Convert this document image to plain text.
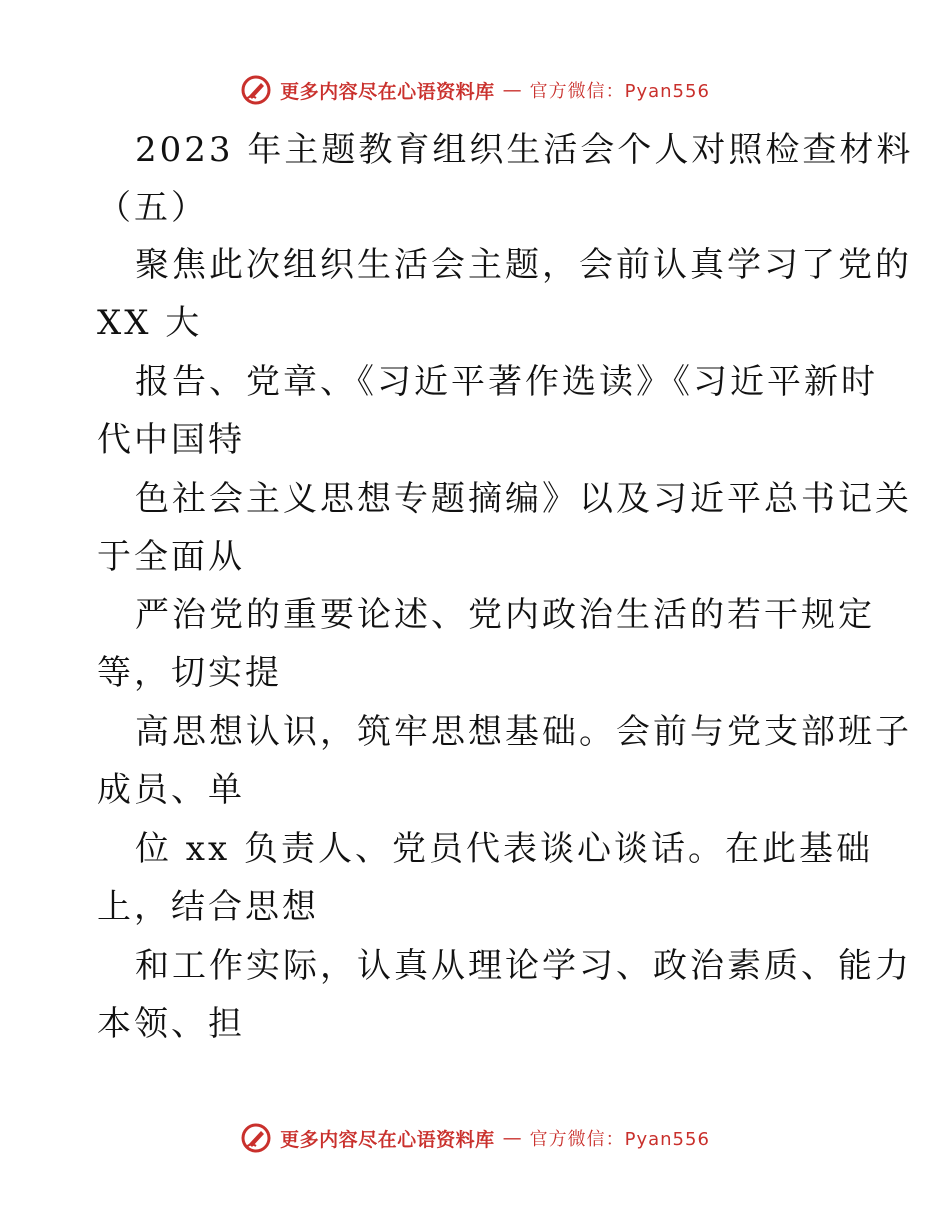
更多内容尽在心语资料库 — 官方微信：Pyan556
2023 年主题教育组织生活会个人对照检查材料
（五）
聚焦此次组织生活会主题，会前认真学习了党的
XX 大
报告、党章、《习近平著作选读》《习近平新时
代中国特
色社会主义思想专题摘编》以及习近平总书记关
于全面从
严治党的重要论述、党内政治生活的若干规定
等，切实提
高思想认识，筑牢思想基础。会前与党支部班子
成员、单
位 xx 负责人、党员代表谈心谈话。在此基础
上，结合思想
和工作实际，认真从理论学习、政治素质、能力
本领、担
更多内容尽在心语资料库 — 官方微信：Pyan556
